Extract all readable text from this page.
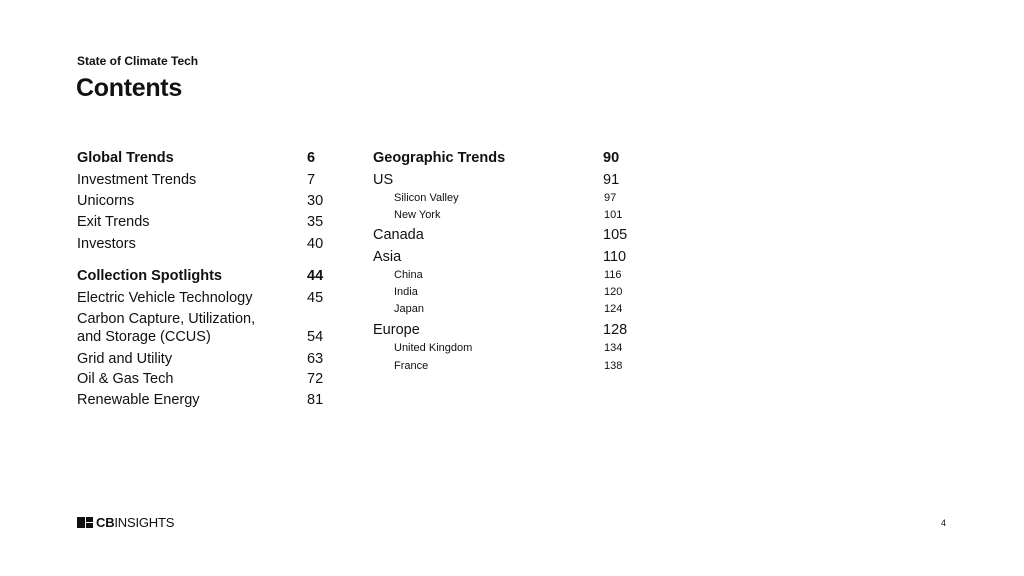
State of Climate Tech
Contents
Global Trends	6
Investment Trends	7
Unicorns	30
Exit Trends	35
Investors	40
Collection Spotlights	44
Electric Vehicle Technology	45
Carbon Capture, Utilization,
and Storage (CCUS)	54
Grid and Utility	63
Oil & Gas Tech	72
Renewable Energy	81
Geographic Trends	90
US	91
Silicon Valley	97
New York	101
Canada	105
Asia	110
China	116
India	120
Japan	124
Europe	128
United Kingdom	134
France	138
CBINSIGHTS	4
